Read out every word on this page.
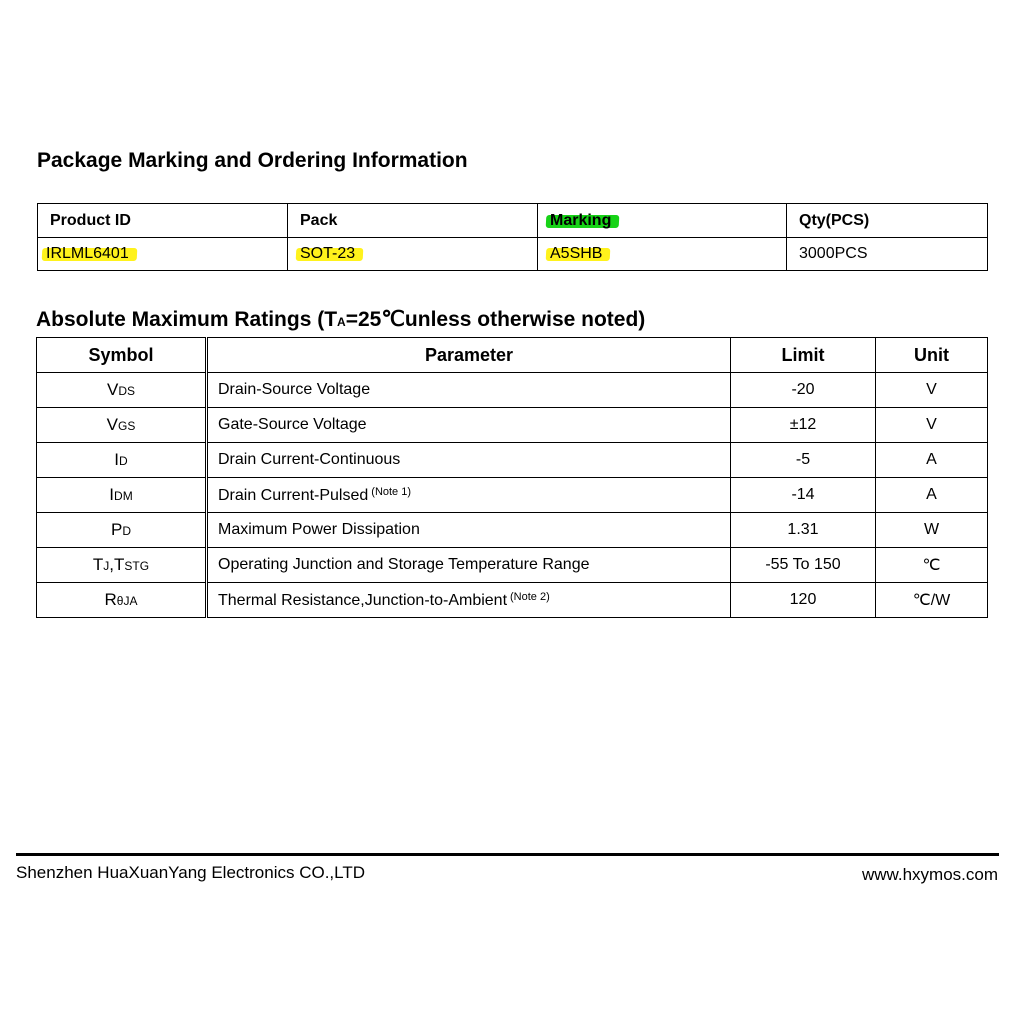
Package Marking and Ordering Information
Product ID	Pack	Marking	Qty(PCS)
IRLML6401	SOT-23	A5SHB	3000PCS
Absolute Maximum Ratings (TA=25℃unless otherwise noted)
Symbol	Parameter	Limit	Unit
VDS	Drain-Source Voltage	-20	V
VGS	Gate-Source Voltage	±12	V
ID	Drain Current-Continuous	-5	A
IDM	Drain Current-Pulsed $^{(Note 1)}$	-14	A
PD	Maximum Power Dissipation	1.31	W
TJ,TSTG	Operating Junction and Storage Temperature Range	-55 To 150	℃
RθJA	Thermal Resistance,Junction-to-Ambient $^{(Note 2)}$	120	℃/W
Shenzhen HuaXuanYang Electronics CO.,LTD	www.hxymos.com
